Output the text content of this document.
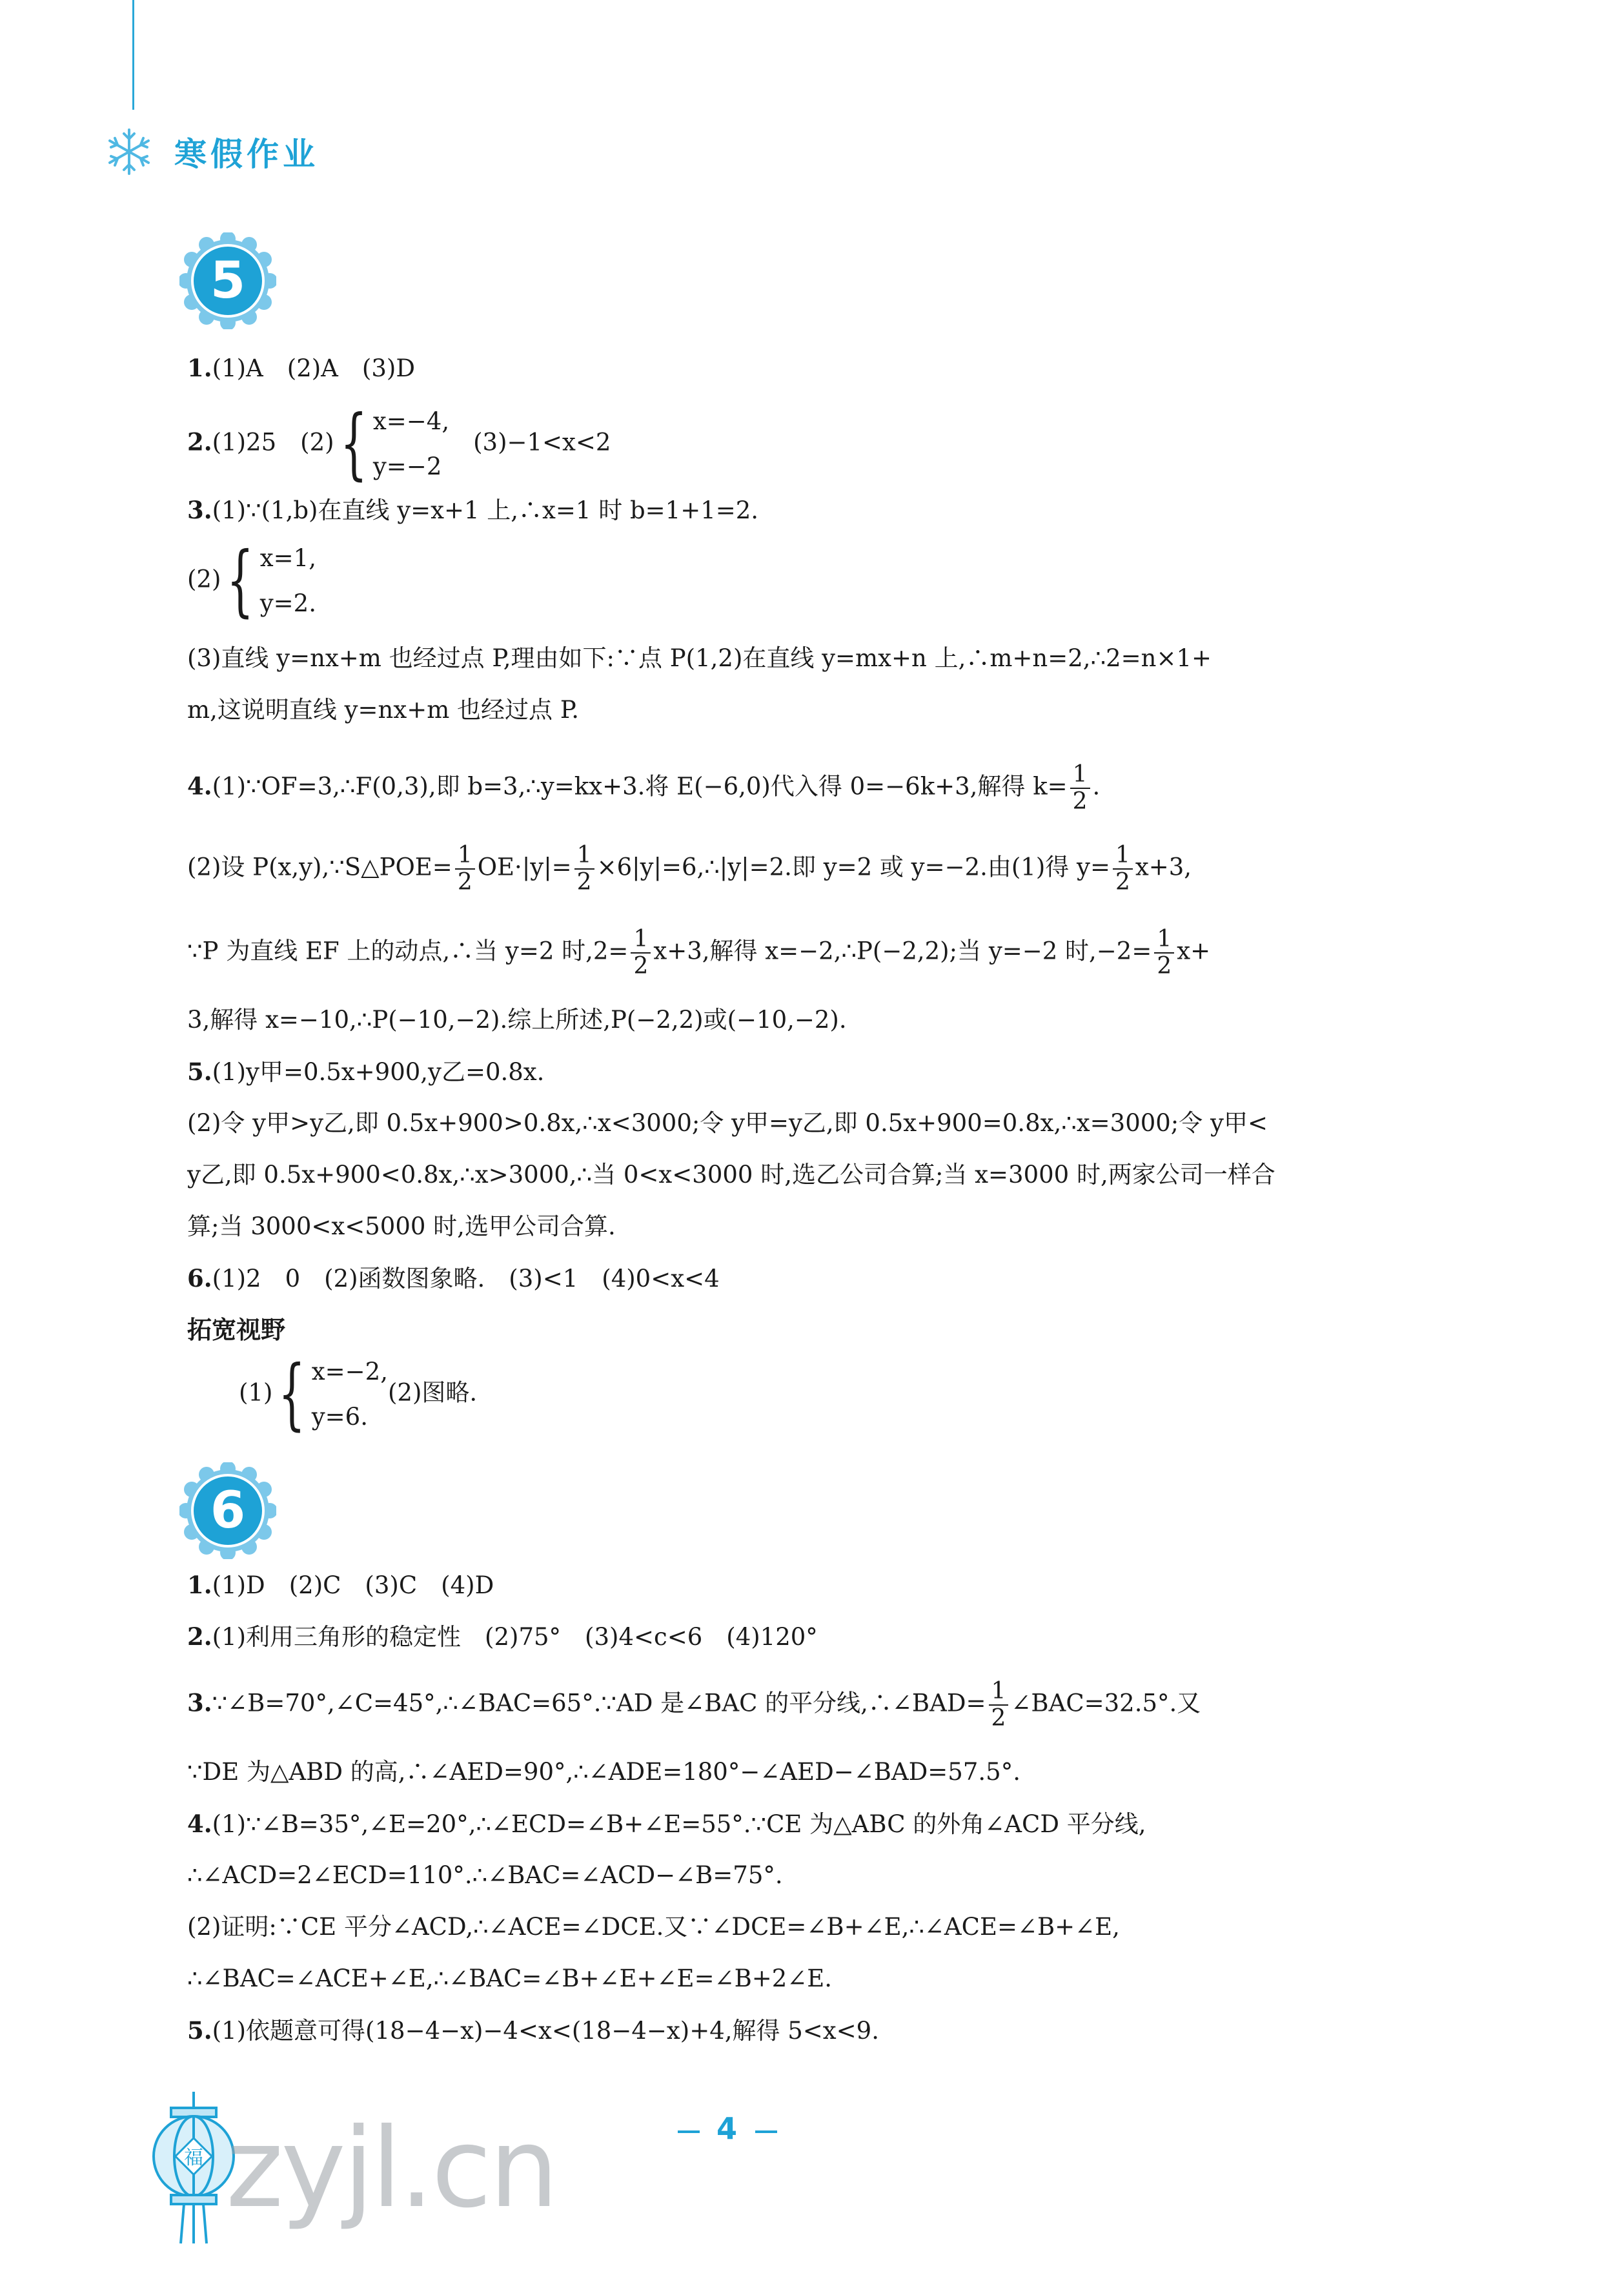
寒假作业
5
1.(1)A　(2)A　(3)D
2.(1)25　(2){ x=−4,
y=−2
　(3)−1<x<2
3.(1)∵(1,b)在直线 y=x+1 上,∴x=1 时 b=1+1=2.
(2){ x=1,
y=2.
(3)直线 y=nx+m 也经过点 P,理由如下:∵点 P(1,2)在直线 y=mx+n 上,∴m+n=2,∴2=n×1+
m,这说明直线 y=nx+m 也经过点 P.
4.(1)∵OF=3,∴F(0,3),即 b=3,∴y=kx+3.将 E(−6,0)代入得 0=−6k+3,解得 $k= \frac{1}{2}$ .
(2)设 P(x,y),∵S△POE= $\frac{1}{2} OE\cdot|y|= \frac{1}{2}$ ×6|y|=6,∴|y|=2.即 y=2 或 y=−2.由(1)得 $y= \frac{1}{2} x+3$,
∵P 为直线 EF 上的动点,∴当 y=2 时$,2= \frac{1}{2} x+3$,解得 x=−2,∴P(−2,2);当 y=−2 时$,-2= \frac{1}{2} x+$
3,解得 x=−10,∴P(−10,−2).综上所述,P(−2,2)或(−10,−2).
5.(1)y甲=0.5x+900,y乙=0.8x.
(2)令 y甲>y乙,即 0.5x+900>0.8x,∴x<3000;令 y甲=y乙,即 0.5x+900=0.8x,∴x=3000;令 y甲<
y乙,即 0.5x+900<0.8x,∴x>3000,∴当 0<x<3000 时,选乙公司合算;当 x=3000 时,两家公司一样合
算;当 3000<x<5000 时,选甲公司合算.
6.(1)2　0　(2)函数图象略.　(3)<1　(4)0<x<4
拓宽视野
(1){ x=−2,
y=6.
(2)图略.
6
1.(1)D　(2)C　(3)C　(4)D
2.(1)利用三角形的稳定性　(2)75°　(3)4<c<6　(4)120°
3.∵∠B=70°,∠C=45°,∴∠BAC=65°.∵AD 是∠BAC 的平分线,∴∠BAD= $\frac{1}{2}$ ∠BAC=32.5°.又
∵DE 为△ABD 的高,∴∠AED=90°,∴∠ADE=180°−∠AED−∠BAD=57.5°.
4.(1)∵∠B=35°,∠E=20°,∴∠ECD=∠B+∠E=55°.∵CE 为△ABC 的外角∠ACD 平分线,
∴∠ACD=2∠ECD=110°.∴∠BAC=∠ACD−∠B=75°.
(2)证明:∵CE 平分∠ACD,∴∠ACE=∠DCE.又∵∠DCE=∠B+∠E,∴∠ACE=∠B+∠E,
∴∠BAC=∠ACE+∠E,∴∠BAC=∠B+∠E+∠E=∠B+2∠E.
5.(1)依题意可得(18−4−x)−4<x<(18−4−x)+4,解得 5<x<9.
福 zyjl.cn	4
